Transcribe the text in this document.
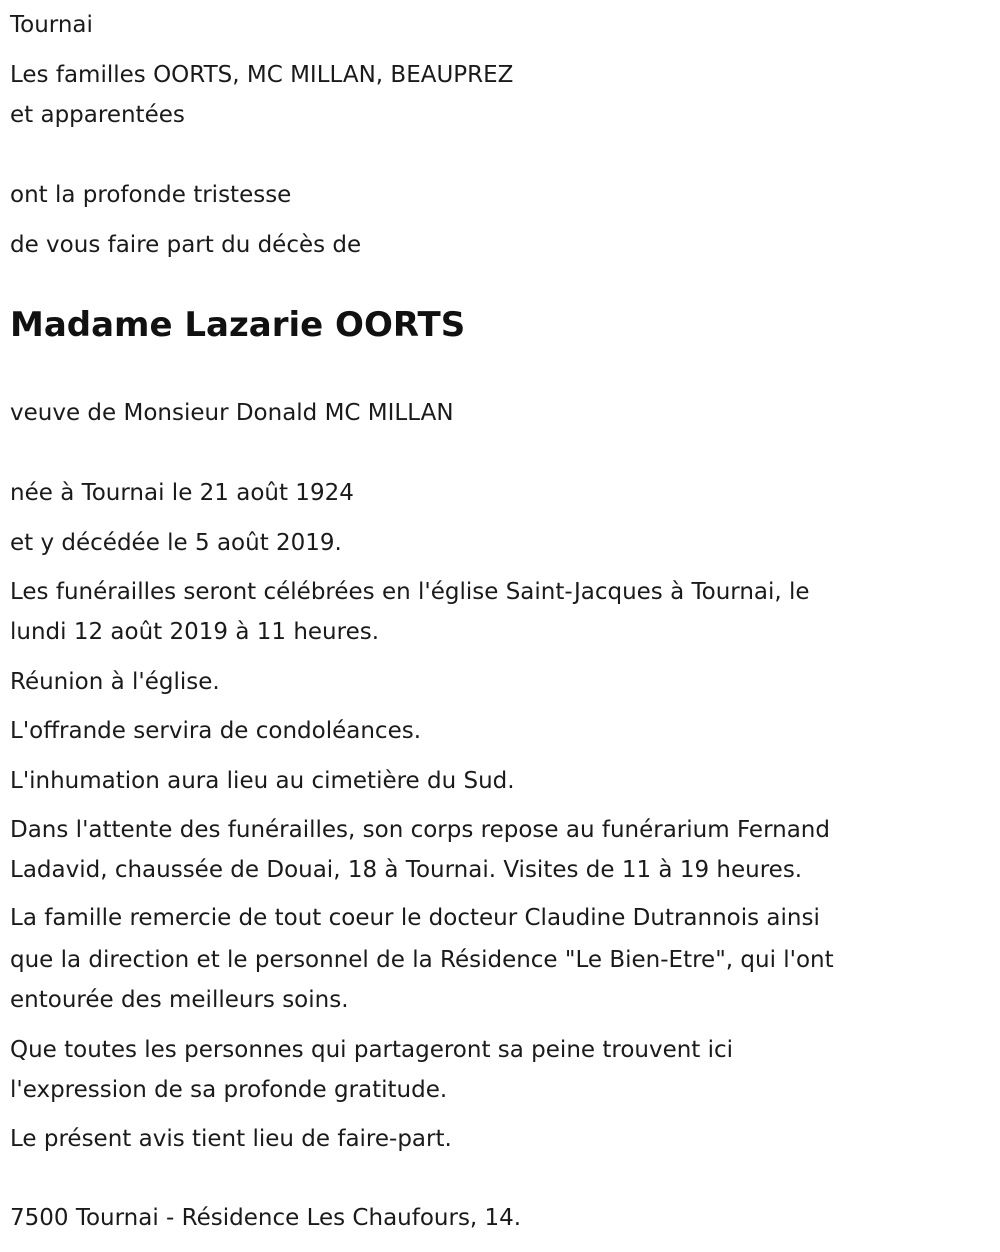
Tournai
Les familles OORTS, MC MILLAN, BEAUPREZ
et apparentées
ont la profonde tristesse
de vous faire part du décès de
Madame Lazarie OORTS
veuve de Monsieur Donald MC MILLAN
née à Tournai le 21 août 1924
et y décédée le 5 août 2019.
Les funérailles seront célébrées en l'église Saint-Jacques à Tournai, le
lundi 12 août 2019 à 11 heures.
Réunion à l'église.
L'offrande servira de condoléances.
L'inhumation aura lieu au cimetière du Sud.
Dans l'attente des funérailles, son corps repose au funérarium Fernand
Ladavid, chaussée de Douai, 18 à Tournai. Visites de 11 à 19 heures.
La famille remercie de tout coeur le docteur Claudine Dutrannois ainsi
que la direction et le personnel de la Résidence "Le Bien-Etre", qui l'ont
entourée des meilleurs soins.
Que toutes les personnes qui partageront sa peine trouvent ici
l'expression de sa profonde gratitude.
Le présent avis tient lieu de faire-part.
7500 Tournai - Résidence Les Chaufours, 14.
